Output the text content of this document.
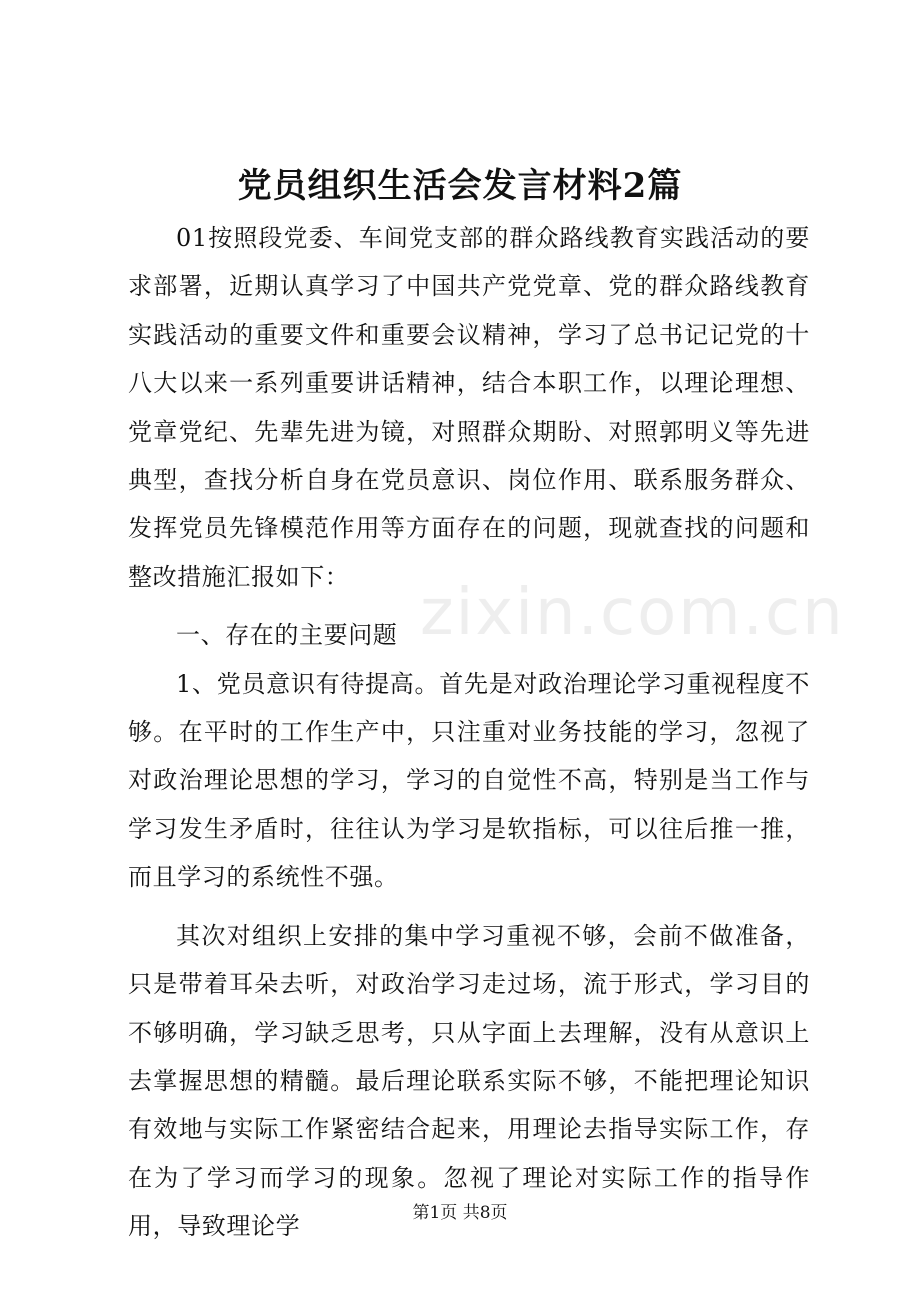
党员组织生活会发言材料2篇

01按照段党委、车间党支部的群众路线教育实践活动的要求部署，近期认真学习了中国共产党党章、党的群众路线教育实践活动的重要文件和重要会议精神，学习了总书记记党的十八大以来一系列重要讲话精神，结合本职工作，以理论理想、党章党纪、先辈先进为镜，对照群众期盼、对照郭明义等先进典型，查找分析自身在党员意识、岗位作用、联系服务群众、发挥党员先锋模范作用等方面存在的问题，现就查找的问题和整改措施汇报如下：

一、存在的主要问题

1、党员意识有待提高。首先是对政治理论学习重视程度不够。在平时的工作生产中，只注重对业务技能的学习，忽视了对政治理论思想的学习，学习的自觉性不高，特别是当工作与学习发生矛盾时，往往认为学习是软指标，可以往后推一推，而且学习的系统性不强。

其次对组织上安排的集中学习重视不够，会前不做准备，只是带着耳朵去听，对政治学习走过场，流于形式，学习目的不够明确，学习缺乏思考，只从字面上去理解，没有从意识上去掌握思想的精髓。最后理论联系实际不够，不能把理论知识有效地与实际工作紧密结合起来，用理论去指导实际工作，存在为了学习而学习的现象。忽视了理论对实际工作的指导作用，导致理论学

zixin.com.cn
第1页 共8页
